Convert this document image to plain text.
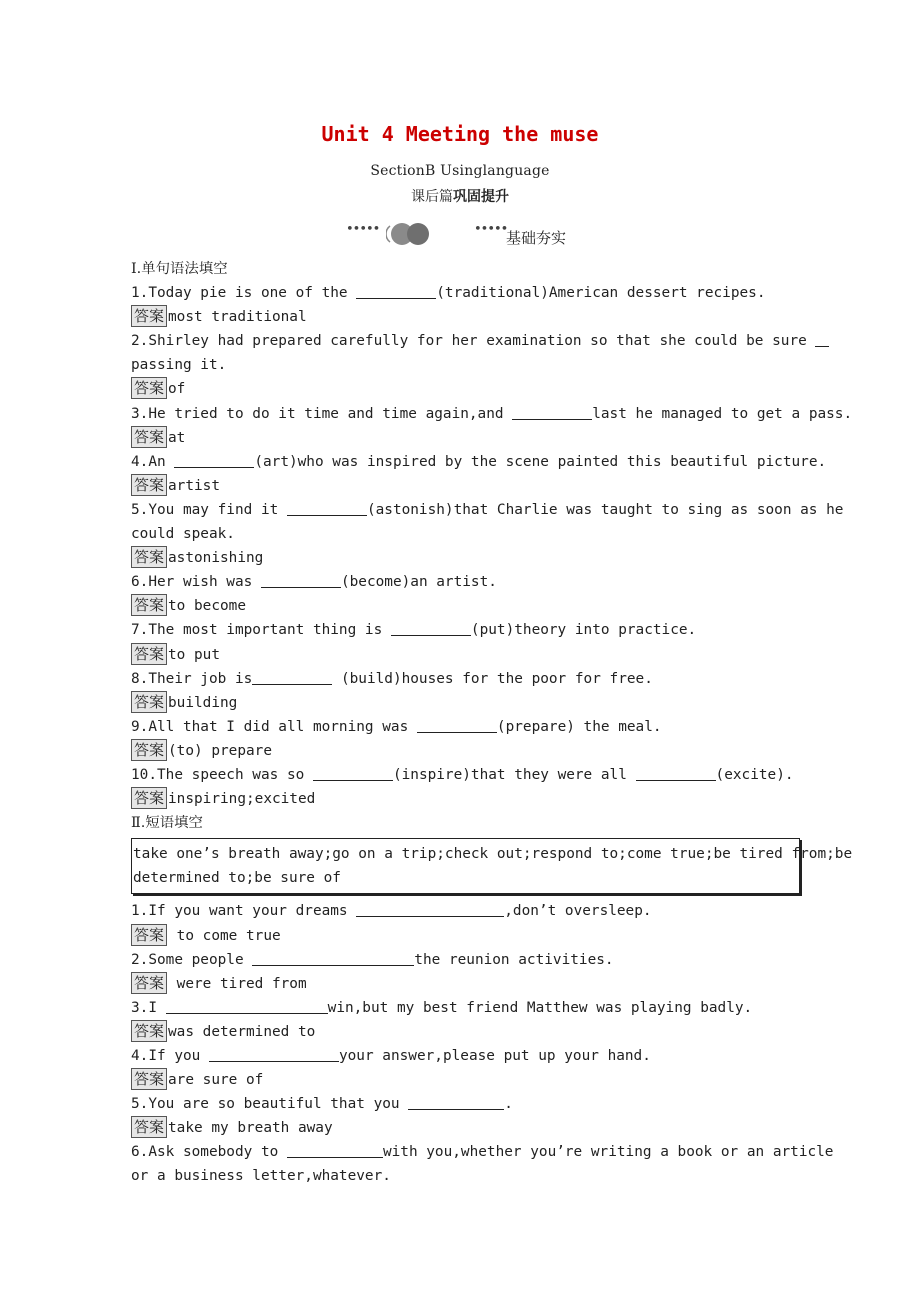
Unit 4 Meeting the muse
SectionB Usinglanguage
课后篇巩固提升
•••••	•••••
基础夯实
Ⅰ.单句语法填空
1.Today pie is one of the	(traditional)American dessert recipes.
答案 most traditional
2.Shirley had prepared carefully for her examination so that she could be sure
passing it.
答案 of
3.He tried to do it time and time again,and	last he managed to get a pass.
答案 at
4.An	(art)who was inspired by the scene painted this beautiful picture.
答案 artist
5.You may find it	(astonish)that Charlie was taught to sing as soon as he
could speak.
答案 astonishing
6.Her wish was	(become)an artist.
答案 to become
7.The most important thing is	(put)theory into practice.
答案 to put
8.Their job is	(build)houses for the poor for free.
答案 building
9.All that I did all morning was	(prepare) the meal.
答案 (to) prepare
10.The speech was so	(inspire)that they were all	(excite).
答案 inspiring;excited
Ⅱ.短语填空
take one’s breath away;go on a trip;check out;respond to;come true;be tired from;be
determined to;be sure of
1.If you want your dreams	,don’t oversleep.
答案 to come true
2.Some people	the reunion activities.
答案 were tired from
3.I	win,but my best friend Matthew was playing badly.
答案 was determined to
4.If you	your answer,please put up your hand.
答案 are sure of
5.You are so beautiful that you	.
答案 take my breath away
6.Ask somebody to	with you,whether you’re writing a book or an article
or a business letter,whatever.
